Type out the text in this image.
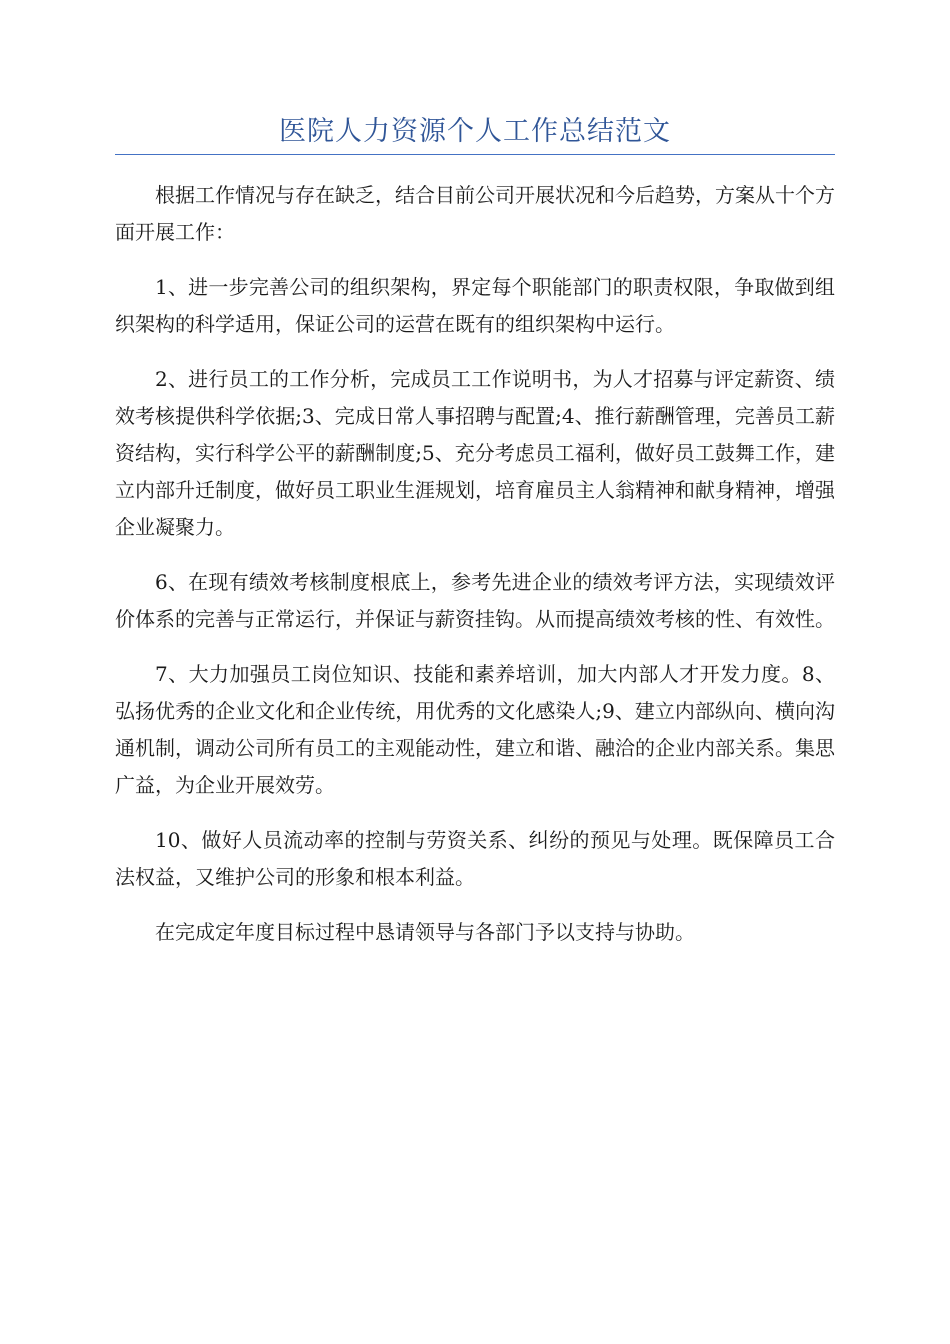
医院人力资源个人工作总结范文

根据工作情况与存在缺乏，结合目前公司开展状况和今后趋势，方案从十个方面开展工作：

1、进一步完善公司的组织架构，界定每个职能部门的职责权限，争取做到组织架构的科学适用，保证公司的运营在既有的组织架构中运行。

2、进行员工的工作分析，完成员工工作说明书，为人才招募与评定薪资、绩效考核提供科学依据;3、完成日常人事招聘与配置;4、推行薪酬管理，完善员工薪资结构，实行科学公平的薪酬制度;5、充分考虑员工福利，做好员工鼓舞工作，建立内部升迁制度，做好员工职业生涯规划，培育雇员主人翁精神和献身精神，增强企业凝聚力。

6、在现有绩效考核制度根底上，参考先进企业的绩效考评方法，实现绩效评价体系的完善与正常运行，并保证与薪资挂钩。从而提高绩效考核的性、有效性。

7、大力加强员工岗位知识、技能和素养培训，加大内部人才开发力度。8、弘扬优秀的企业文化和企业传统，用优秀的文化感染人;9、建立内部纵向、横向沟通机制，调动公司所有员工的主观能动性，建立和谐、融洽的企业内部关系。集思广益，为企业开展效劳。

10、做好人员流动率的控制与劳资关系、纠纷的预见与处理。既保障员工合法权益，又维护公司的形象和根本利益。

在完成定年度目标过程中恳请领导与各部门予以支持与协助。
